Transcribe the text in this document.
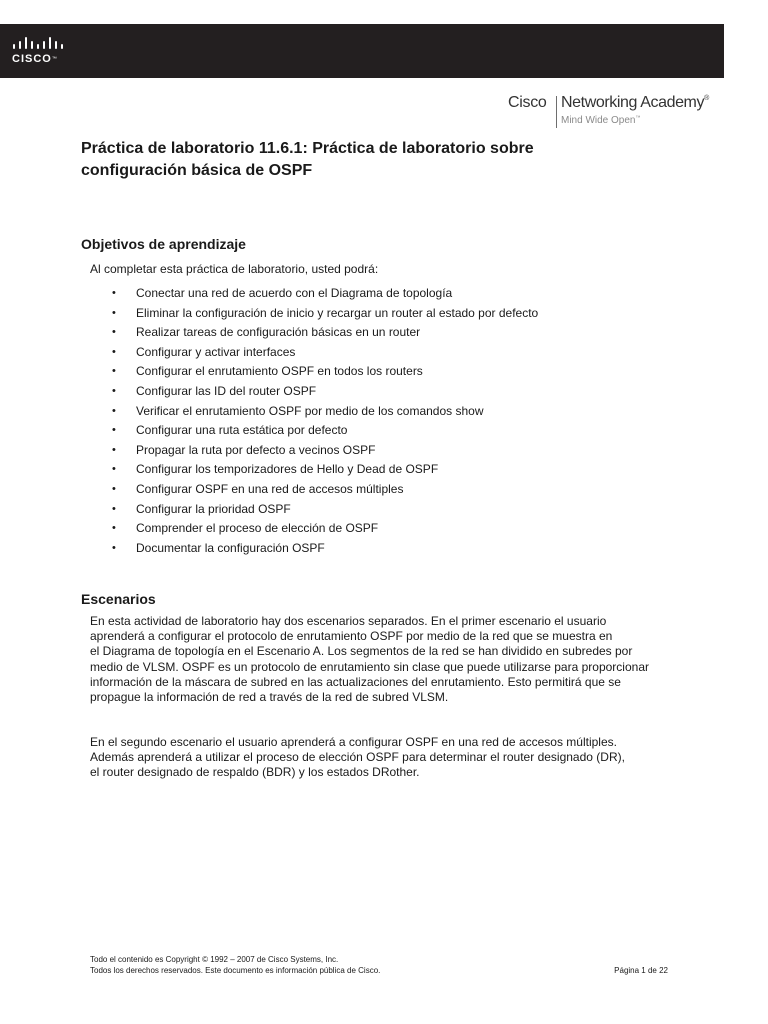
CISCO™
Cisco Networking Academy®
Mind Wide Open™
Práctica de laboratorio 11.6.1: Práctica de laboratorio sobre
configuración básica de OSPF
Objetivos de aprendizaje

Al completar esta práctica de laboratorio, usted podrá:

• Conectar una red de acuerdo con el Diagrama de topología
• Eliminar la configuración de inicio y recargar un router al estado por defecto
• Realizar tareas de configuración básicas en un router
• Configurar y activar interfaces
• Configurar el enrutamiento OSPF en todos los routers
• Configurar las ID del router OSPF
• Verificar el enrutamiento OSPF por medio de los comandos show
• Configurar una ruta estática por defecto
• Propagar la ruta por defecto a vecinos OSPF
• Configurar los temporizadores de Hello y Dead de OSPF
• Configurar OSPF en una red de accesos múltiples
• Configurar la prioridad OSPF
• Comprender el proceso de elección de OSPF
• Documentar la configuración OSPF
Escenarios

En esta actividad de laboratorio hay dos escenarios separados. En el primer escenario el usuario
aprenderá a configurar el protocolo de enrutamiento OSPF por medio de la red que se muestra en
el Diagrama de topología en el Escenario A. Los segmentos de la red se han dividido en subredes por
medio de VLSM. OSPF es un protocolo de enrutamiento sin clase que puede utilizarse para proporcionar
información de la máscara de subred en las actualizaciones del enrutamiento. Esto permitirá que se
propague la información de red a través de la red de subred VLSM.

En el segundo escenario el usuario aprenderá a configurar OSPF en una red de accesos múltiples.
Además aprenderá a utilizar el proceso de elección OSPF para determinar el router designado (DR),
el router designado de respaldo (BDR) y los estados DRother.

Todo el contenido es Copyright © 1992 – 2007 de Cisco Systems, Inc.
Todos los derechos reservados. Este documento es información pública de Cisco.	Página 1 de 22
